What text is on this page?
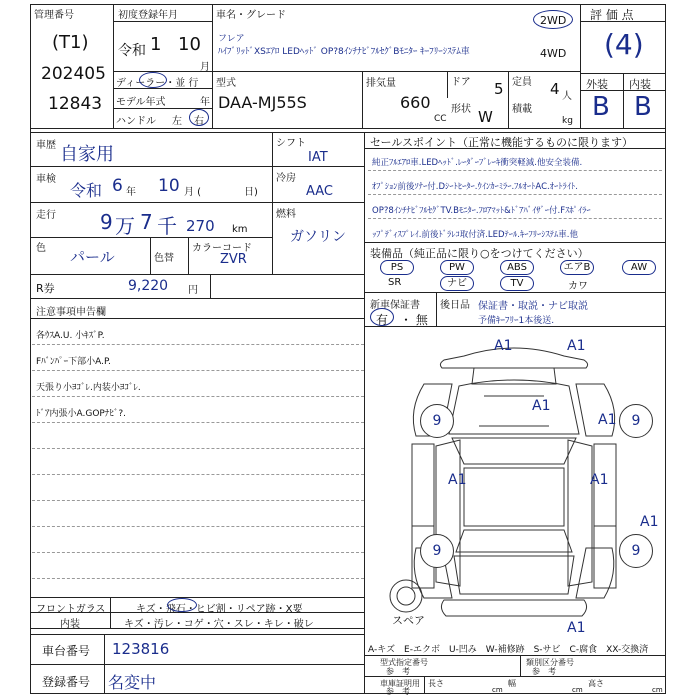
管理番号
(T1)
202405
12843
初度登録年月
令和 1 10
月
ディーラー・並 行
モデル年式	年
ハンドル 左 右
車名・グレード
フレア
ﾊｲﾌﾞﾘｯﾄﾞXSｴｱﾛ LEDﾍｯﾄﾞ OP?8ｲﾝﾁﾅﾋﾞﾌﾙｾｸﾞBﾓﾆﾀｰ ｷｰﾌﾘｰｼｽﾃﾑ車
2WD
4WD
型式
DAA-MJ55S
排気量
660
CC
ドア 5 定員 4 人
形状 W 積載
kg
評 価 点
(4)
外装 内装
B B
車歴 自家用
車検
令和 6 年 10 月 (	日)
走行 9 万 7 千 270 km
色 パール	色替
カラーコード
ZVR
シフト
IAT
冷房
AAC
燃料
ガソリン
R券	9,220 円
セールスポイント（正常に機能するものに限ります）
純正ﾌﾙｴｱﾛ車.LEDﾍｯﾄﾞ.ﾚｰﾀﾞｰﾌﾞﾚｰｷ衝突軽減.他安全装備.
ｵﾌﾟｼｮﾝ前後ｿﾅｰ付.Dｼｰﾄﾋｰﾀｰ.ｳｲﾝｶｰﾐﾗｰ.ﾌﾙｵｰﾄAC.ｵｰﾄﾗｲﾄ.
OP?8ｲﾝﾁﾅﾋﾞﾌﾙｾｸﾞTV.Bﾓﾆﾀｰ.ﾌﾛｱﾏｯﾄ&ﾄﾞｱﾊﾞｲｻﾞｰ付.Fｽﾎﾟｲﾗｰ
ｯﾌﾟﾃﾞｨｽﾌﾟﾚｲ.前後ﾄﾞﾗﾚｺ取付済.LEDﾃｰﾙ.ｷｰﾌﾘｰｼｽﾃﾑ車.他
装備品（純正品に限り○をつけてください）
PS	PW	ABS	エアB	AW
SR	ナビ	TV	カワ
新車保証書
有 ・ 無
後日品 保証書・取説・ナビ取説
予備ｷｰﾌﾘｰ1本後送.
注意事項申告欄
各ｳｽA.U. 小ｷｽﾞP.
Fﾊﾞﾝﾊﾟｰ下部小A.P.
天張り小ﾖｺﾞﾚ.内装小ﾖｺﾞﾚ.
ﾄﾞｱ内張小A.GOPﾅﾋﾞ?.
フロントガラス	キズ・飛石・ヒビ割・リペア跡・X要
内装	キズ・汚レ・コゲ・穴・スレ・キレ・破レ	スペア
9	9
9	9
A1	A1
A1
A1
A1	A1
A1
A1
車台番号 123816
登録番号 名変中
A-キズ　E-エクボ　U-凹み　W-補修跡　S-サビ　C-腐食　XX-交換済
型式指定番号
参　考
類別区分番号
参　考
車庫証明用
参　考
長さ
cm
幅
cm
高さ
cm
